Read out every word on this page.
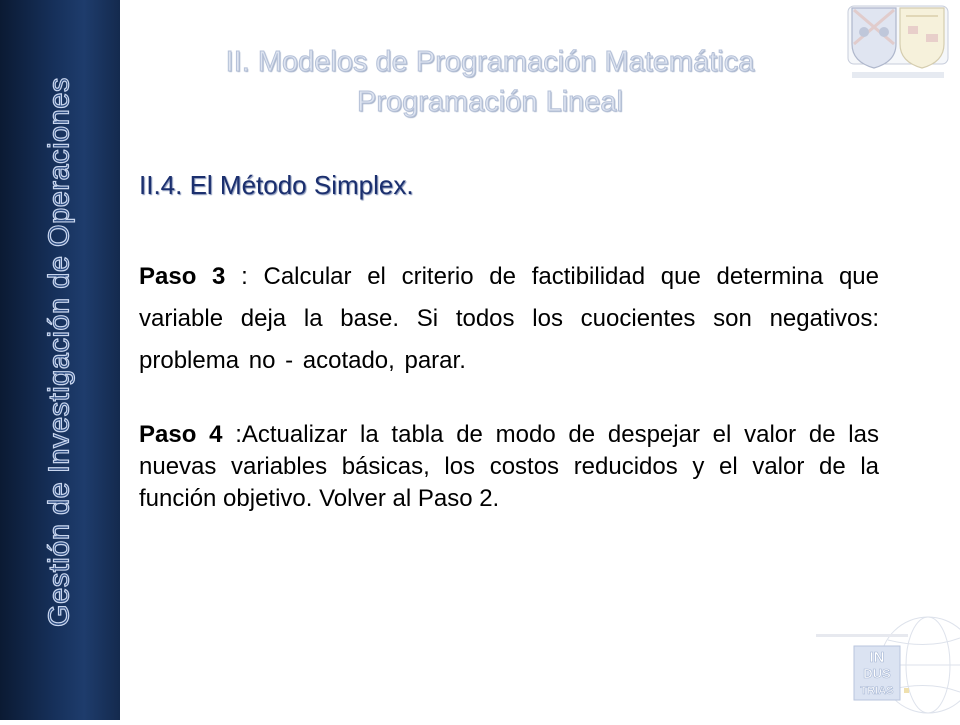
Gestión de Investigación de Operaciones
II. Modelos de Programación Matemática
Programación Lineal
II.4. El Método Simplex.
Paso 3 : Calcular el criterio de factibilidad que determina que variable deja la base. Si todos los cuocientes son negativos: problema no - acotado, parar.
Paso 4 :Actualizar la tabla de modo de despejar el valor de las nuevas variables básicas, los costos reducidos y el valor de la función objetivo. Volver al Paso 2.
IN
DUS
TRIAS
